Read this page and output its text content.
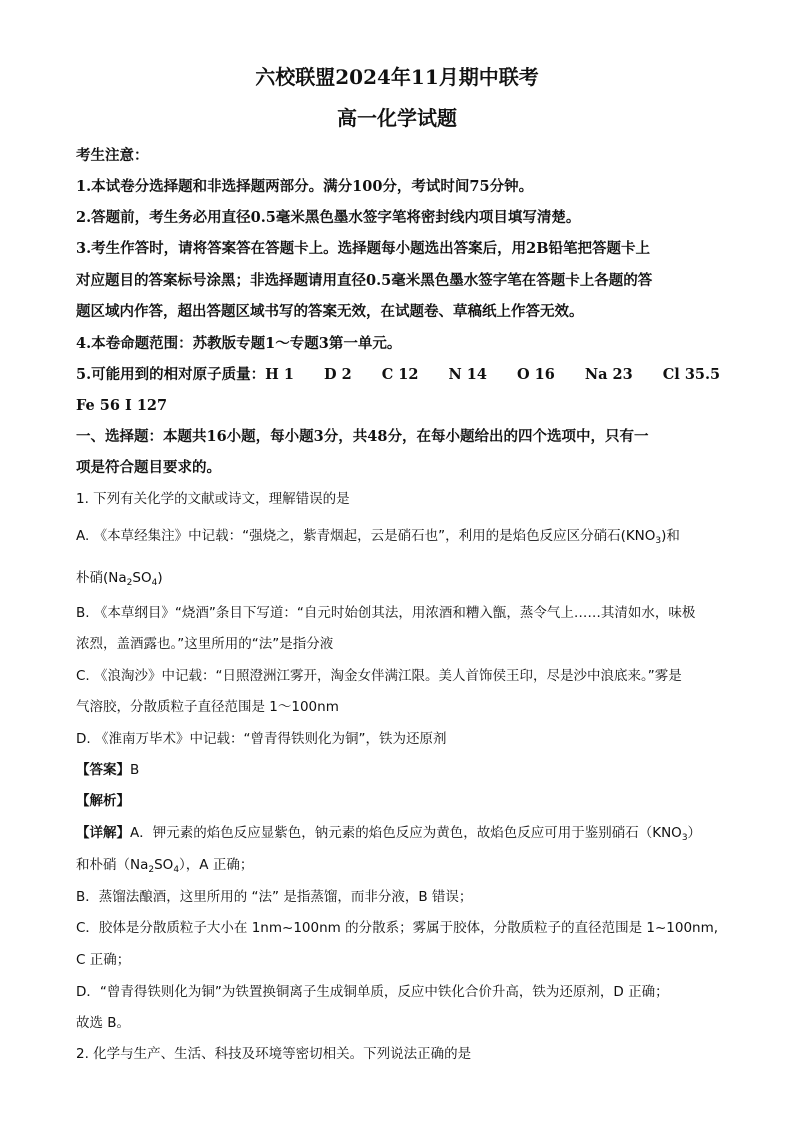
六校联盟2024年11月期中联考
高一化学试题
考生注意：
1.本试卷分选择题和非选择题两部分。满分100分，考试时间75分钟。
2.答题前，考生务必用直径0.5毫米黑色墨水签字笔将密封线内项目填写清楚。
3.考生作答时，请将答案答在答题卡上。选择题每小题选出答案后，用2B铅笔把答题卡上
对应题目的答案标号涂黑；非选择题请用直径0.5毫米黑色墨水签字笔在答题卡上各题的答
题区域内作答，超出答题区域书写的答案无效，在试题卷、草稿纸上作答无效。
4.本卷命题范围：苏教版专题1～专题3第一单元。
5.可能用到的相对原子质量：H 1 D 2 C 12 N 14 O 16 Na 23 Cl 35.5
Fe 56 I 127
一、选择题：本题共16小题，每小题3分，共48分，在每小题给出的四个选项中，只有一
项是符合题目要求的。
1. 下列有关化学的文献或诗文，理解错误的是
A. 《本草经集注》中记载：“强烧之，紫青烟起，云是硝石也”，利用的是焰色反应区分硝石$(KNO_3)$和
朴硝$(Na_2SO_4)$
B. 《本草纲目》“烧酒”条目下写道：“自元时始创其法，用浓酒和糟入甑，蒸令气上……其清如水，味极
浓烈，盖酒露也。”这里所用的“法”是指分液
C. 《浪淘沙》中记载：“日照澄洲江雾开，淘金女伴满江限。美人首饰侯王印，尽是沙中浪底来。”雾是
气溶胶，分散质粒子直径范围是 1～100nm
D. 《淮南万毕术》中记载：“曾青得铁则化为铜”，铁为还原剂
【答案】B
【解析】
【详解】A．钾元素的焰色反应显紫色，钠元素的焰色反应为黄色，故焰色反应可用于鉴别硝石$(KNO_3)$
和朴硝$(Na_2SO_4)$，A 正确；
B．蒸馏法酿酒，这里所用的 “法” 是指蒸馏，而非分液，B 错误；
C．胶体是分散质粒子大小在 1nm~100nm 的分散系；雾属于胶体，分散质粒子的直径范围是 1~100nm,
C 正确；
D．“曾青得铁则化为铜”为铁置换铜离子生成铜单质，反应中铁化合价升高，铁为还原剂，D 正确；
故选 B。
2. 化学与生产、生活、科技及环境等密切相关。下列说法正确的是
